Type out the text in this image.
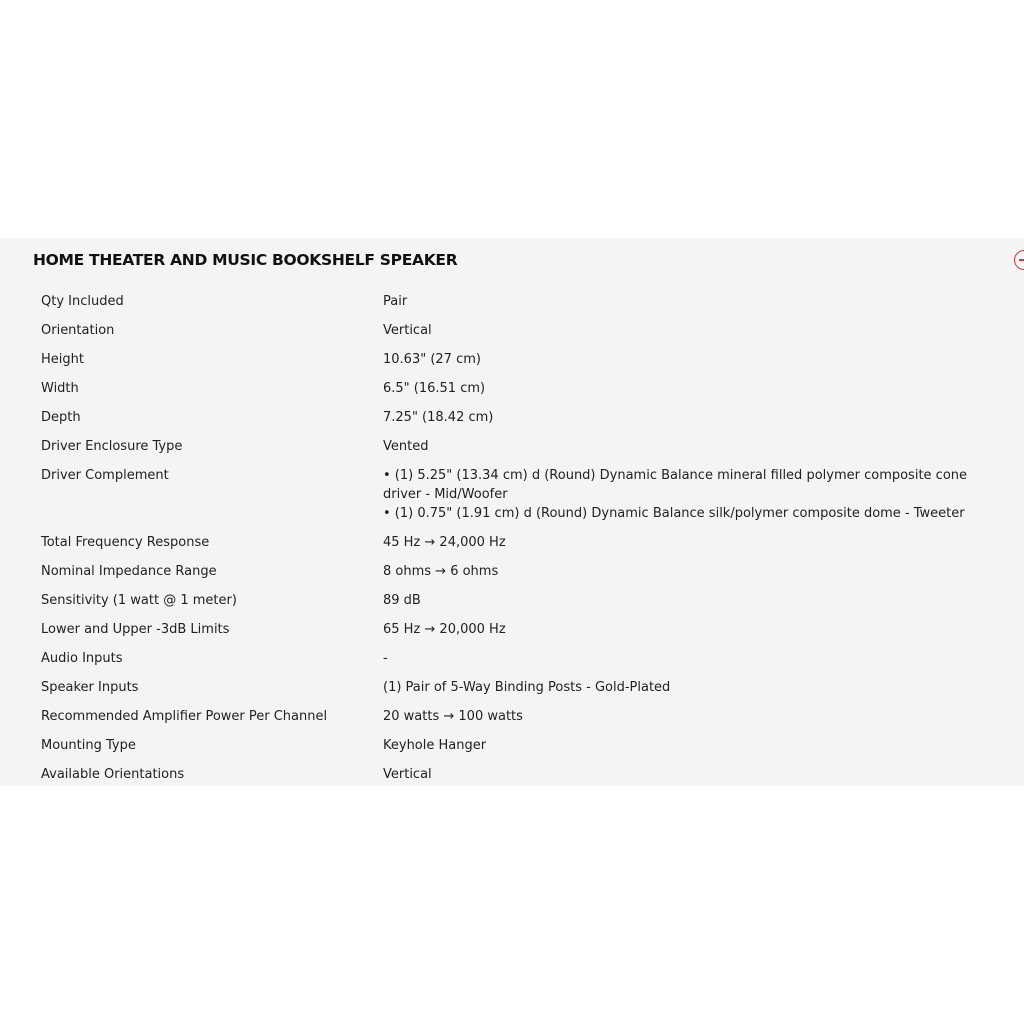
HOME THEATER AND MUSIC BOOKSHELF SPEAKER
Qty Included	Pair
Orientation	Vertical
Height	10.63" (27 cm)
Width	6.5" (16.51 cm)
Depth	7.25" (18.42 cm)
Driver Enclosure Type	Vented
Driver Complement	• (1) 5.25" (13.34 cm) d (Round) Dynamic Balance mineral filled polymer composite cone driver - Mid/Woofer
• (1) 0.75" (1.91 cm) d (Round) Dynamic Balance silk/polymer composite dome - Tweeter
Total Frequency Response	45 Hz → 24,000 Hz
Nominal Impedance Range	8 ohms → 6 ohms
Sensitivity (1 watt @ 1 meter)	89 dB
Lower and Upper -3dB Limits	65 Hz → 20,000 Hz
Audio Inputs	-
Speaker Inputs	(1) Pair of 5-Way Binding Posts - Gold-Plated
Recommended Amplifier Power Per Channel	20 watts → 100 watts
Mounting Type	Keyhole Hanger
Available Orientations	Vertical
